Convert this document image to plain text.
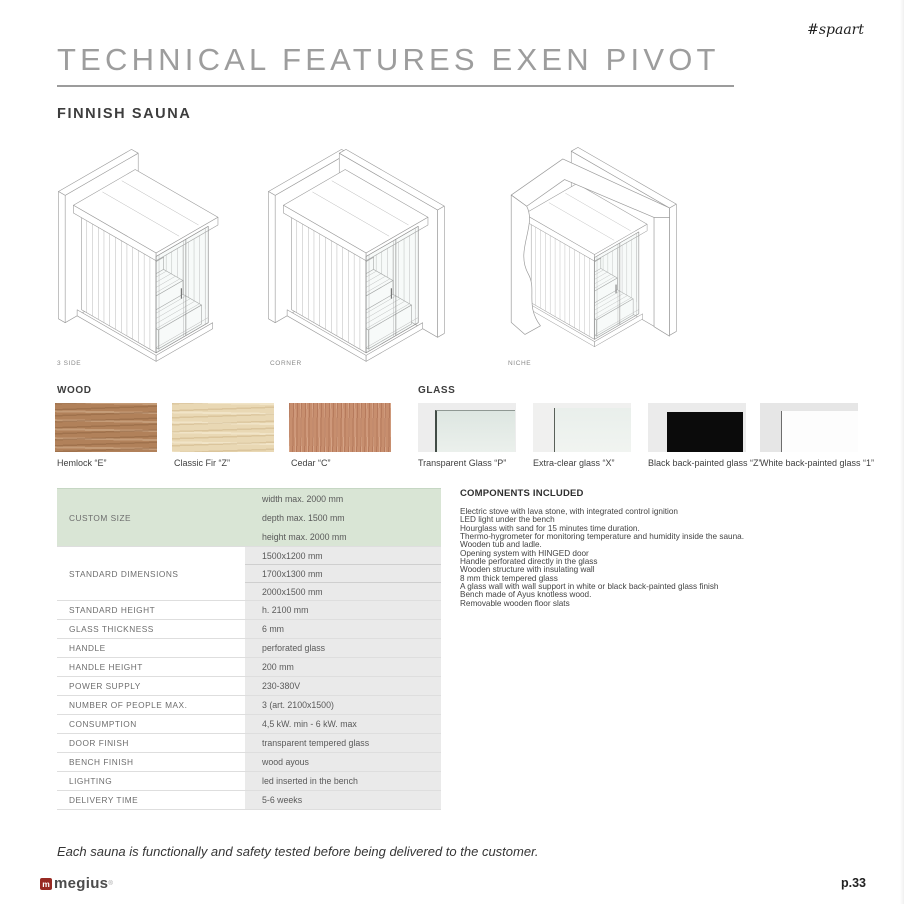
#spaart
TECHNICAL FEATURES EXEN PIVOT
FINNISH SAUNA
3 SIDE	CORNER	NICHE
WOOD	GLASS
Hemlock “E”	Classic Fir “Z”	Cedar “C”	Transparent Glass “P”	Extra-clear glass “X”	Black back-painted glass “Z”
White back-painted glass “1”
CUSTOM SIZE
width max. 2000 mm
depth max. 1500 mm
height max. 2000 mm
STANDARD DIMENSIONS
1500x1200 mm
1700x1300 mm
2000x1500 mm
STANDARD HEIGHT	h. 2100 mm
GLASS THICKNESS	6 mm
HANDLE	perforated glass
HANDLE HEIGHT	200 mm
POWER SUPPLY	230-380V
NUMBER OF PEOPLE MAX.	3 (art. 2100x1500)
CONSUMPTION	4,5 kW. min - 6 kW. max
DOOR FINISH	transparent tempered glass
BENCH FINISH	wood ayous
LIGHTING	led inserted in the bench
DELIVERY TIME	5-6 weeks
COMPONENTS INCLUDED
Electric stove with lava stone, with integrated control ignition
LED light under the bench
Hourglass with sand for 15 minutes time duration.
Thermo-hygrometer for monitoring temperature and humidity inside the sauna.
Wooden tub and ladle.
Opening system with HINGED door
Handle perforated directly in the glass
Wooden structure with insulating wall
8 mm thick tempered glass
A glass wall with wall support in white or black back-painted glass finish
Bench made of Ayus knotless wood.
Removable wooden floor slats
Each sauna is functionally and safety tested before being delivered to the customer.
m megius ®	p.33
